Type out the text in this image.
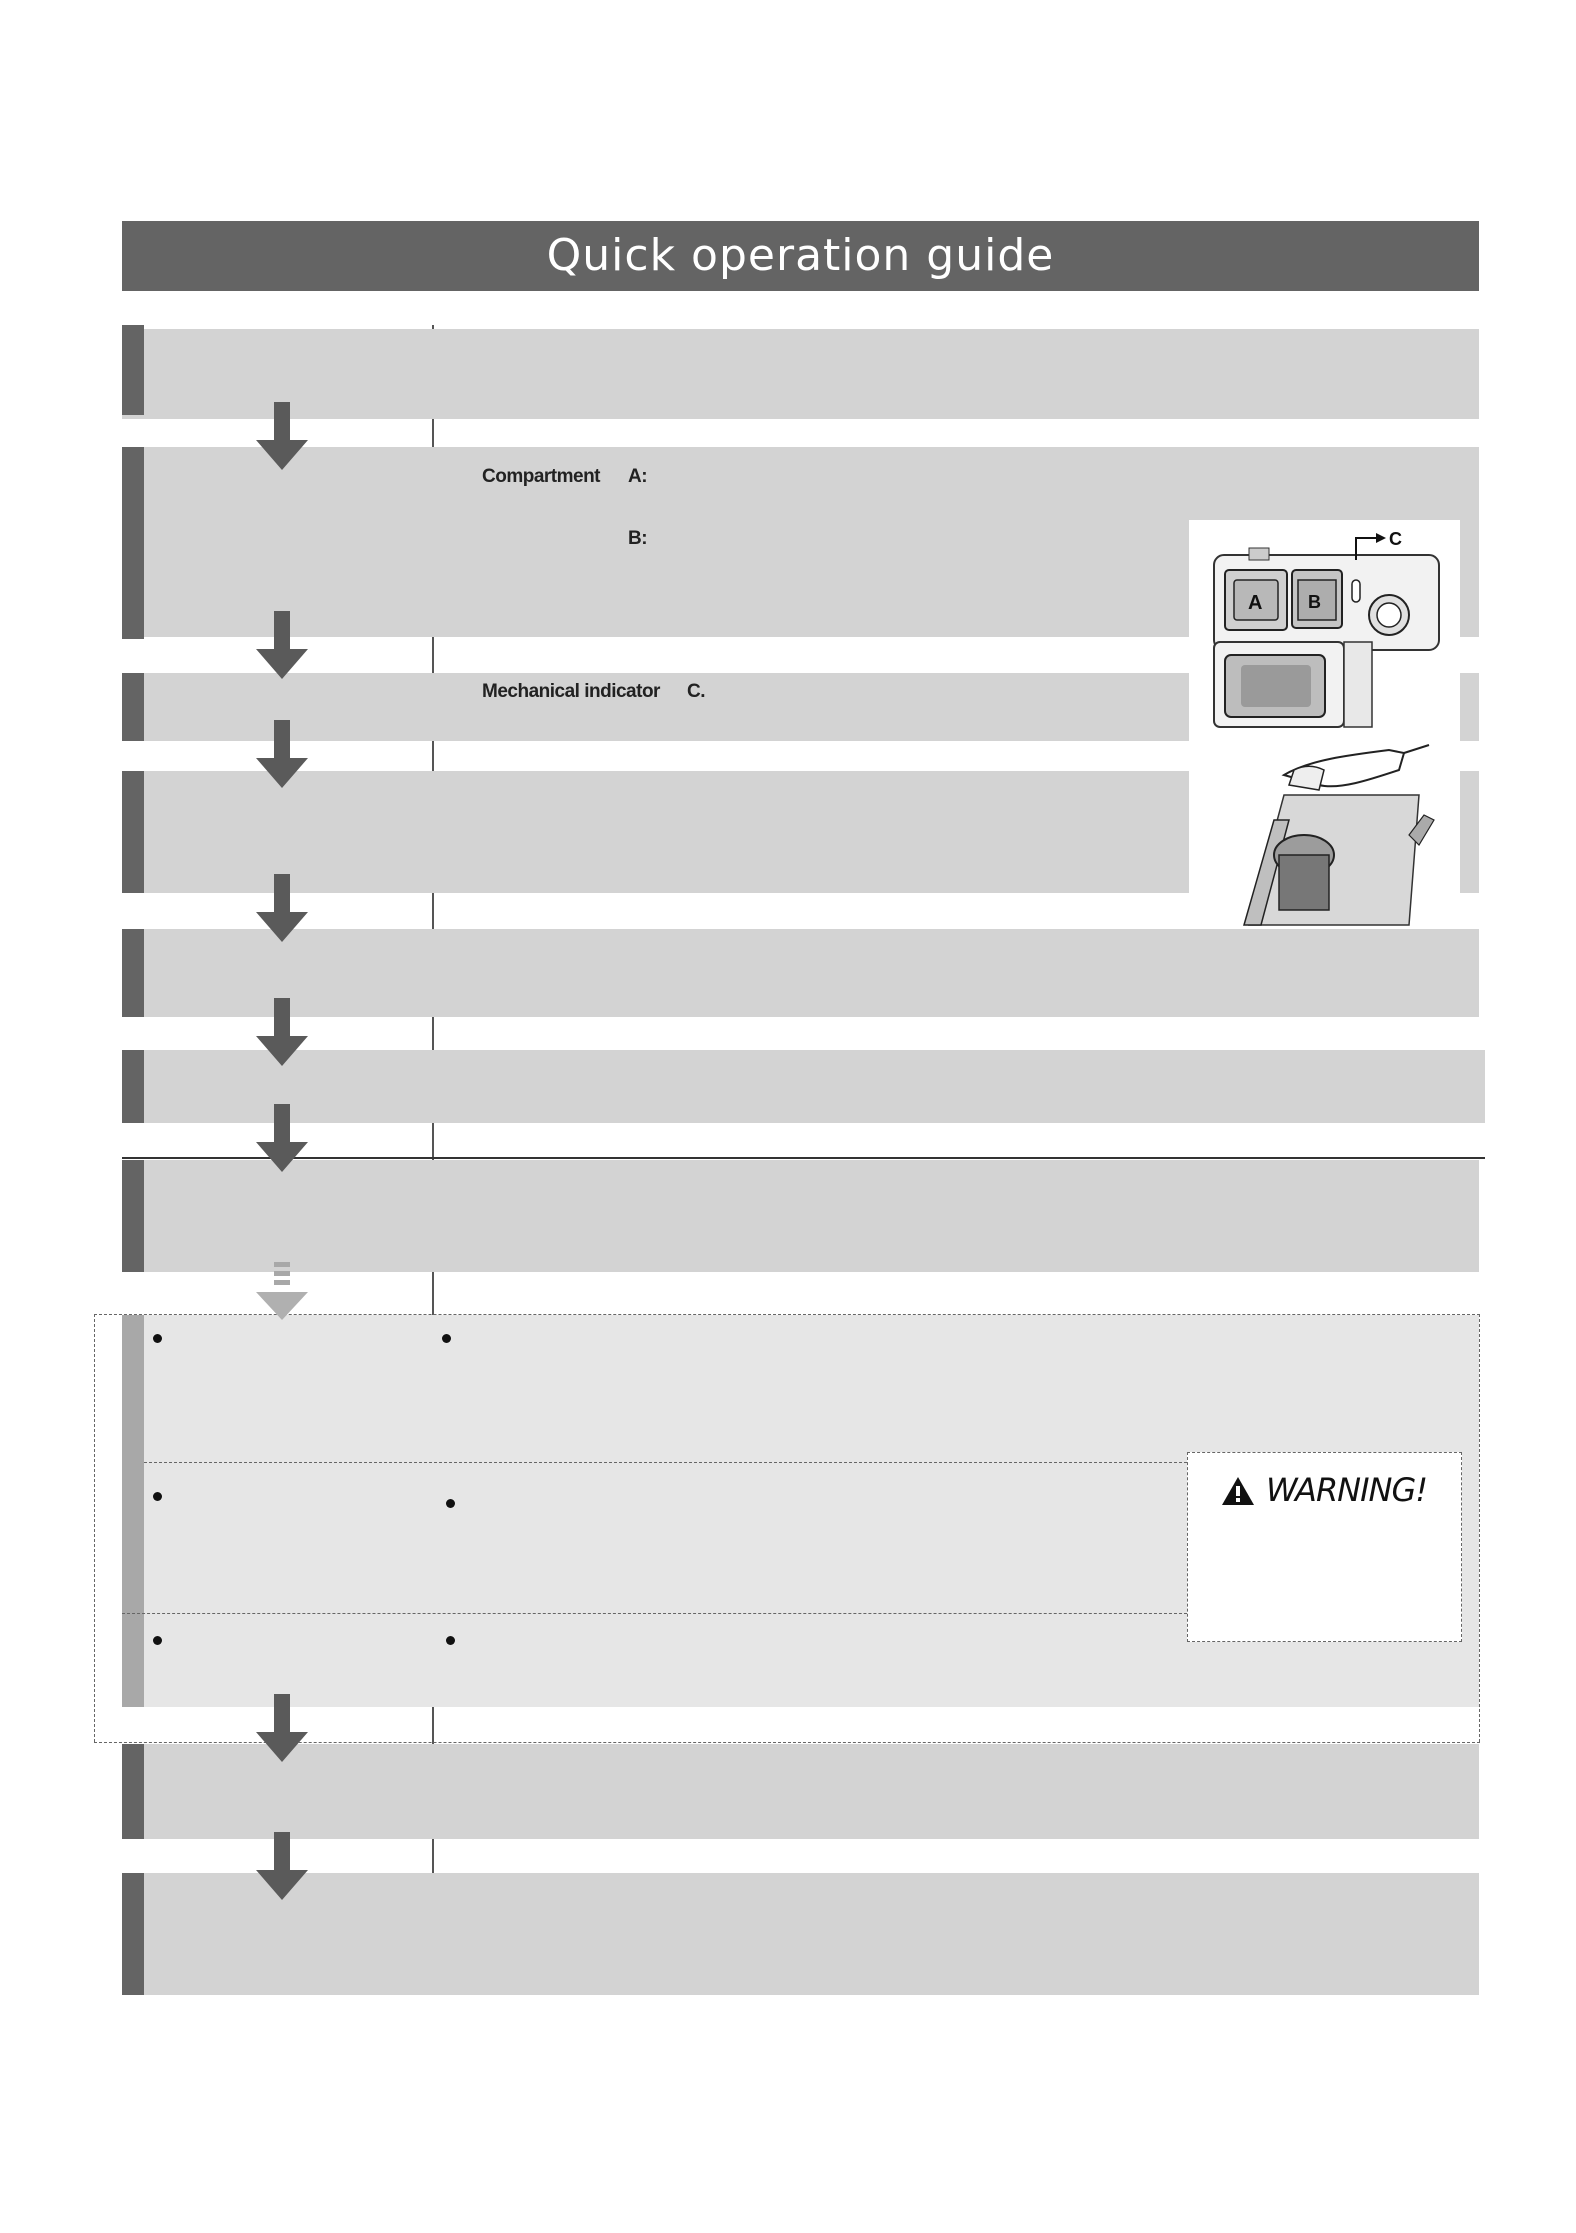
Quick operation guide
Compartment A:
B:
Mechanical indicator C.
A	B
C
WARNING!
